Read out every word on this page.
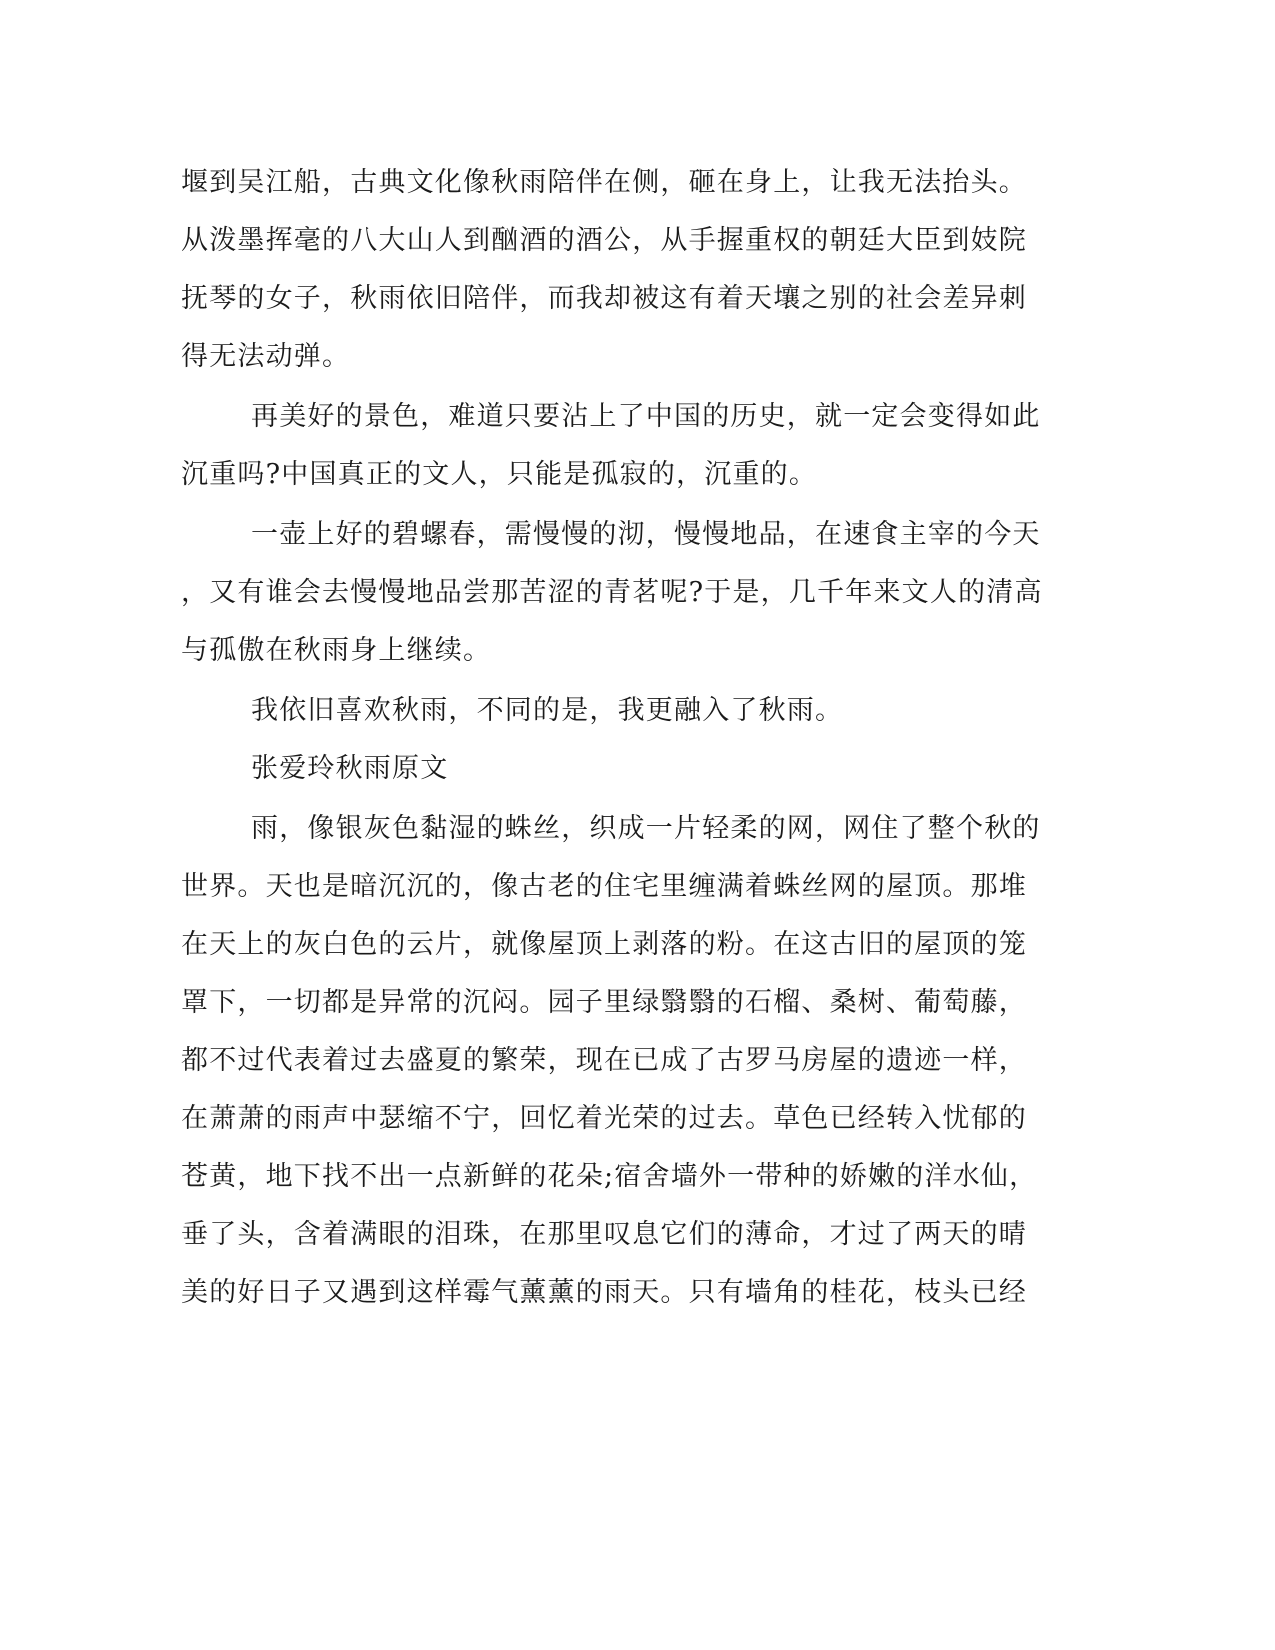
堰到吴江船，古典文化像秋雨陪伴在侧，砸在身上，让我无法抬头。
从泼墨挥毫的八大山人到酗酒的酒公，从手握重权的朝廷大臣到妓院
抚琴的女子，秋雨依旧陪伴，而我却被这有着天壤之别的社会差异刺
得无法动弹。
再美好的景色，难道只要沾上了中国的历史，就一定会变得如此
沉重吗?中国真正的文人，只能是孤寂的，沉重的。
一壶上好的碧螺春，需慢慢的沏，慢慢地品，在速食主宰的今天
，又有谁会去慢慢地品尝那苦涩的青茗呢?于是，几千年来文人的清高
与孤傲在秋雨身上继续。
我依旧喜欢秋雨，不同的是，我更融入了秋雨。
张爱玲秋雨原文
雨，像银灰色黏湿的蛛丝，织成一片轻柔的网，网住了整个秋的
世界。天也是暗沉沉的，像古老的住宅里缠满着蛛丝网的屋顶。那堆
在天上的灰白色的云片，就像屋顶上剥落的粉。在这古旧的屋顶的笼
罩下，一切都是异常的沉闷。园子里绿翳翳的石榴、桑树、葡萄藤，
都不过代表着过去盛夏的繁荣，现在已成了古罗马房屋的遗迹一样，
在萧萧的雨声中瑟缩不宁，回忆着光荣的过去。草色已经转入忧郁的
苍黄，地下找不出一点新鲜的花朵;宿舍墙外一带种的娇嫩的洋水仙，
垂了头，含着满眼的泪珠，在那里叹息它们的薄命，才过了两天的晴
美的好日子又遇到这样霉气薰薰的雨天。只有墙角的桂花，枝头已经
